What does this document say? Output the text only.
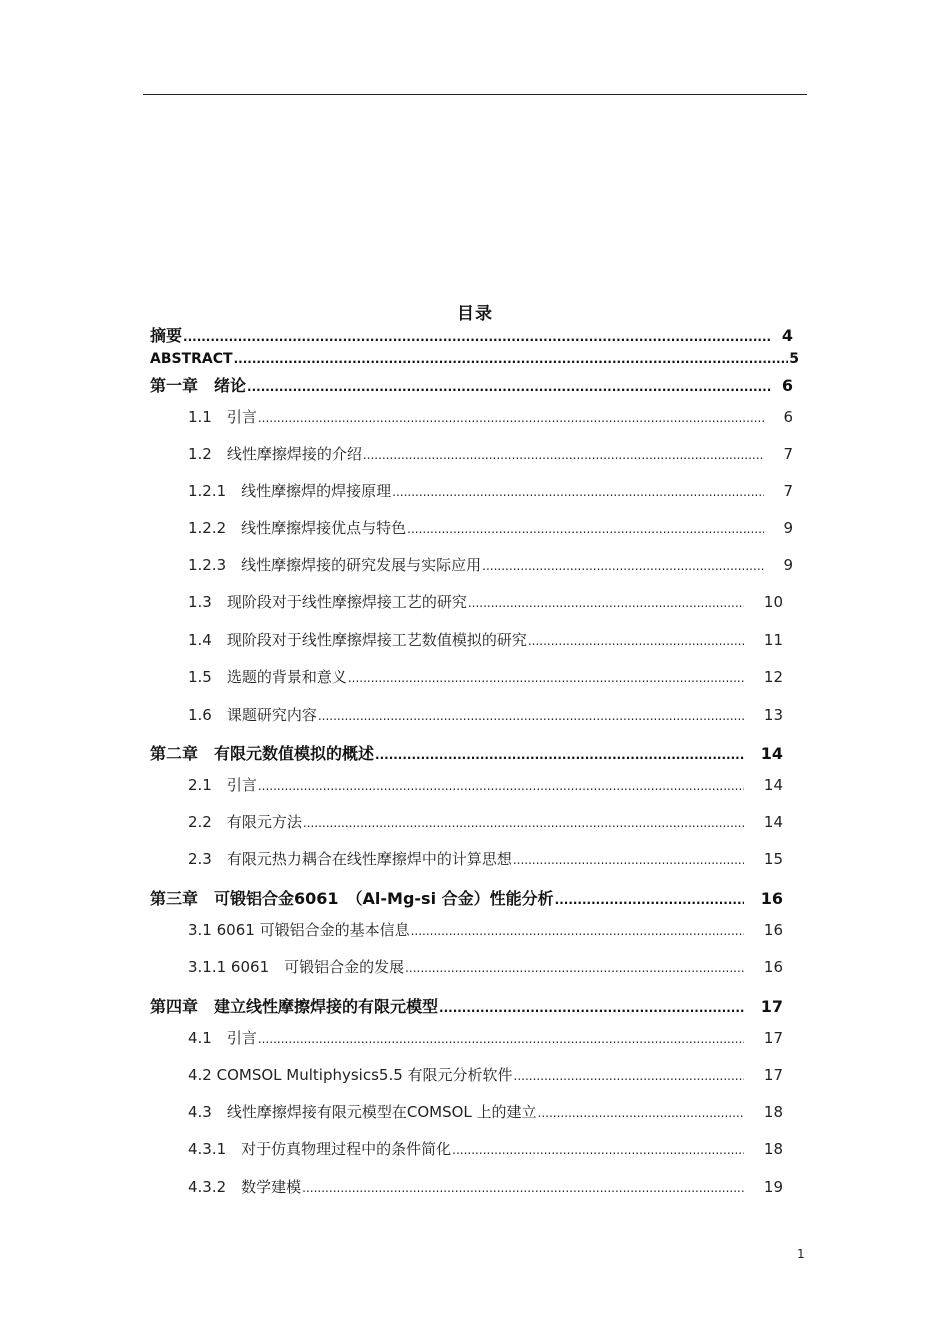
目录
摘要 .....	4
ABSTRACT .....	5
第一章　绪论 .....	6
1.1　引言 .....	6
1.2　线性摩擦焊接的介绍 .....	7
1.2.1　线性摩擦焊的焊接原理 .....	7
1.2.2　线性摩擦焊接优点与特色 .....	9
1.2.3　线性摩擦焊接的研究发展与实际应用 .....	9
1.3　现阶段对于线性摩擦焊接工艺的研究 .....	10
1.4　现阶段对于线性摩擦焊接工艺数值模拟的研究 .....	11
1.5　选题的背景和意义 .....	12
1.6　课题研究内容 .....	13
第二章　有限元数值模拟的概述 .....	14
2.1　引言 .....	14
2.2　有限元方法 .....	14
2.3　有限元热力耦合在线性摩擦焊中的计算思想 .....	15
第三章　可锻铝合金6061　（Al-Mg-si 合金）性能分析 .....	16
3.1 6061 可锻铝合金的基本信息 .....	16
3.1.1 6061　可锻铝合金的发展 .....	16
第四章　建立线性摩擦焊接的有限元模型 .....	17
4.1　引言 .....	17
4.2 COMSOL Multiphysics5.5 有限元分析软件 .....	17
4.3　线性摩擦焊接有限元模型在COMSOL 上的建立 .....	18
4.3.1　对于仿真物理过程中的条件简化 .....	18
4.3.2　数学建模 .....	19
1
